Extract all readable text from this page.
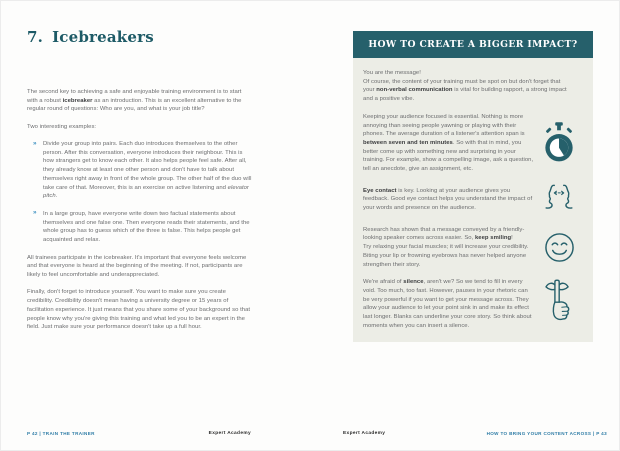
7. Icebreakers

The second key to achieving a safe and enjoyable training environment is to start with a robust icebreaker as an introduction. This is an excellent alternative to the regular round of questions: Who are you, and what is your job title?

Two interesting examples:

» Divide your group into pairs. Each duo introduces themselves to the other person. After this conversation, everyone introduces their neighbour. This is how strangers get to know each other. It also helps people feel safe. After all, they already know at least one other person and don't have to talk about themselves right away in front of the whole group. The other half of the duo will take care of that. Moreover, this is an exercise on active listening and elevator pitch.
» In a large group, have everyone write down two factual statements about themselves and one false one. Then everyone reads their statements, and the whole group has to guess which of the three is false. This helps people get acquainted and relax.

All trainees participate in the icebreaker. It's important that everyone feels welcome and that everyone is heard at the beginning of the meeting. If not, participants are likely to feel uncomfortable and underappreciated.

Finally, don't forget to introduce yourself. You want to make sure you create credibility. Credibility doesn't mean having a university degree or 15 years of facilitation experience. It just means that you share some of your background so that people know why you're giving this training and what led you to be an expert in the field. Just make sure your performance doesn't take up a full hour.

P 42 | TRAIN THE TRAINER	Expert Academy
HOW TO CREATE A BIGGER IMPACT?

You are the message!
Of course, the content of your training must be spot on but don't forget that your non-verbal communication is vital for building rapport, a strong impact and a positive vibe.

Keeping your audience focused is essential. Nothing is more annoying than seeing people yawning or playing with their phones. The average duration of a listener's attention span is between seven and ten minutes. So with that in mind, you better come up with something new and surprising in your training. For example, show a compelling image, ask a question, tell an anecdote, give an assignment, etc.

Eye contact is key. Looking at your audience gives you feedback. Good eye contact helps you understand the impact of your words and presence on the audience.

Research has shown that a message conveyed by a friendly-looking speaker comes across easier. So, keep smiling!
Try relaxing your facial muscles; it will increase your credibility. Biting your lip or frowning eyebrows has never helped anyone strengthen their story.

We're afraid of silence, aren't we? So we tend to fill in every void. Too much, too fast. However, pauses in your rhetoric can be very powerful if you want to get your message across. They allow your audience to let your point sink in and make its effect last longer. Blanks can underline your core story. So think about moments when you can insert a silence.

Expert Academy	HOW TO BRING YOUR CONTENT ACROSS | P 43
